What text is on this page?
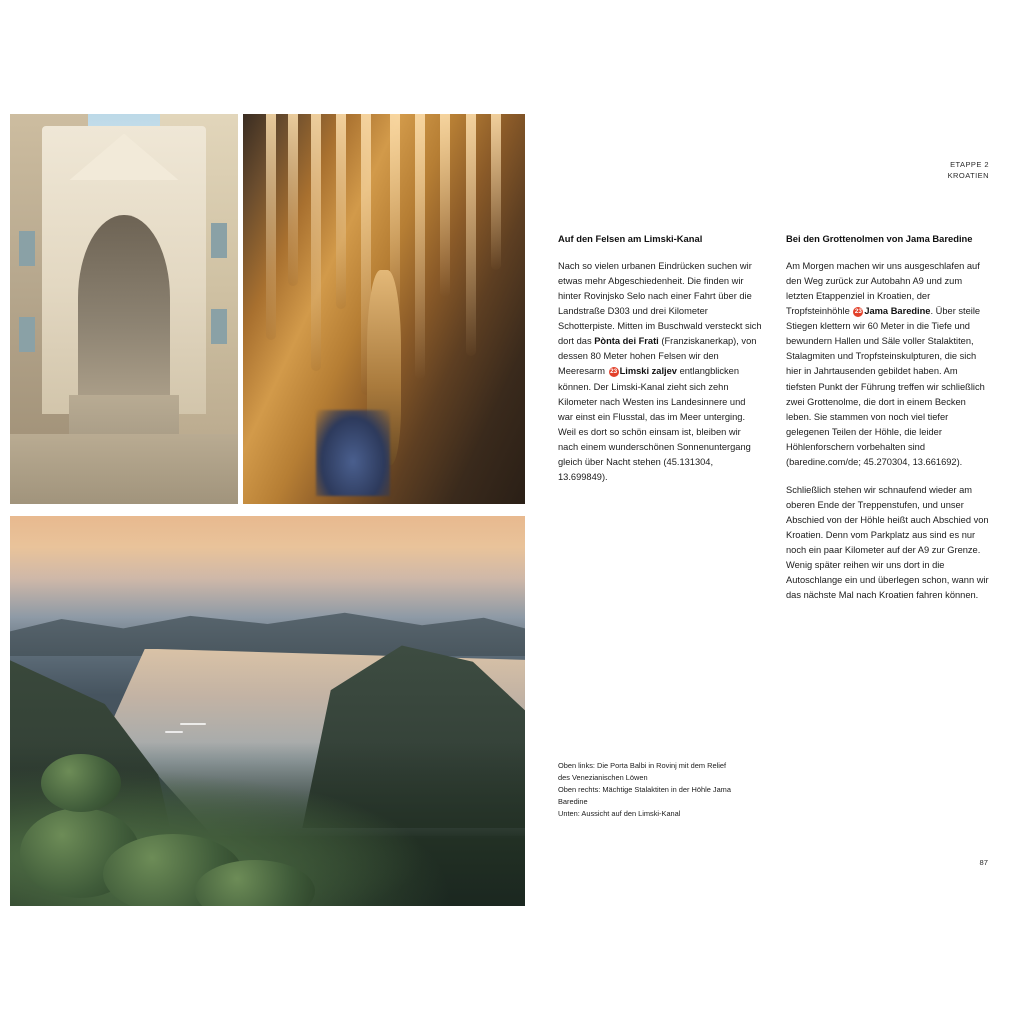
ETAPPE 2
KROATIEN
Auf den Felsen am Limski-Kanal

Nach so vielen urbanen Eindrücken suchen wir etwas mehr Abgeschiedenheit. Die finden wir hinter Rovinjsko Selo nach einer Fahrt über die Landstraße D303 und drei Kilometer Schotterpiste. Mitten im Buschwald versteckt sich dort das Pònta dei Frati (Franziskanerkap), von dessen 80 Meter hohen Felsen wir den Meeresarm 23 Limski zaljev entlangblicken können. Der Limski-Kanal zieht sich zehn Kilometer nach Westen ins Landesinnere und war einst ein Flusstal, das im Meer unterging. Weil es dort so schön einsam ist, bleiben wir nach einem wunderschönen Sonnenuntergang gleich über Nacht stehen (45.131304, 13.699849).

Bei den Grottenolmen von Jama Baredine

Am Morgen machen wir uns ausgeschlafen auf den Weg zurück zur Autobahn A9 und zum letzten Etappenziel in Kroatien, der Tropfsteinhöhle 23 Jama Baredine. Über steile Stiegen klettern wir 60 Meter in die Tiefe und bewundern Hallen und Säle voller Stalaktiten, Stalagmiten und Tropfsteinskulpturen, die sich hier in Jahrtausenden gebildet haben. Am tiefsten Punkt der Führung treffen wir schließlich zwei Grottenolme, die dort in einem Becken leben. Sie stammen von noch viel tiefer gelegenen Teilen der Höhle, die leider Höhlenforschern vorbehalten sind (baredine.com/de; 45.270304, 13.661692).

Schließlich stehen wir schnaufend wieder am oberen Ende der Treppenstufen, und unser Abschied von der Höhle heißt auch Abschied von Kroatien. Denn vom Parkplatz aus sind es nur noch ein paar Kilometer auf der A9 zur Grenze. Wenig später reihen wir uns dort in die Autoschlange ein und überlegen schon, wann wir das nächste Mal nach Kroatien fahren können.

Oben links: Die Porta Balbi in Rovinj mit dem Relief
des Venezianischen Löwen
Oben rechts: Mächtige Stalaktiten in der Höhle Jama
Baredine
Unten: Aussicht auf den Limski-Kanal
87
